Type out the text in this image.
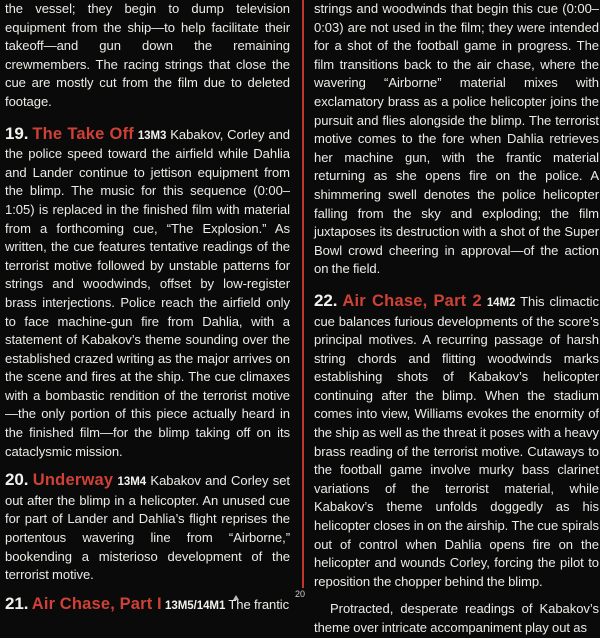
the vessel; they begin to dump television equipment from the ship—to help facilitate their takeoff—and gun down the remaining crewmembers. The racing strings that close the cue are mostly cut from the film due to deleted footage.

19. The Take Off 13M3 Kabakov, Corley and the police speed toward the airfield while Dahlia and Lander continue to jettison equipment from the blimp. The music for this sequence (0:00–1:05) is replaced in the finished film with material from a forthcoming cue, “The Explosion.” As written, the cue features tentative readings of the terrorist motive followed by unstable patterns for strings and woodwinds, offset by low-register brass interjections. Police reach the airfield only to face machine-gun fire from Dahlia, with a statement of Kabakov’s theme sounding over the established crazed writing as the major arrives on the scene and fires at the ship. The cue climaxes with a bombastic rendition of the terrorist motive—the only portion of this piece actually heard in the finished film—for the blimp taking off on its cataclysmic mission.

20. Underway 13M4 Kabakov and Corley set out after the blimp in a helicopter. An unused cue for part of Lander and Dahlia’s flight reprises the portentous wavering line from “Airborne,” bookending a misterioso development of the terrorist motive.

21. Air Chase, Part I 13M5/14M1 The frantic

strings and woodwinds that begin this cue (0:00–0:03) are not used in the film; they were intended for a shot of the football game in progress. The film transitions back to the air chase, where the wavering “Airborne” material mixes with exclamatory brass as a police helicopter joins the pursuit and flies alongside the blimp. The terrorist motive comes to the fore when Dahlia retrieves her machine gun, with the frantic material returning as she opens fire on the police. A shimmering swell denotes the police helicopter falling from the sky and exploding; the film juxtaposes its destruction with a shot of the Super Bowl crowd cheering in approval—of the action on the field.

22. Air Chase, Part 2 14M2 This climactic cue balances furious developments of the score’s principal motives. A recurring passage of harsh string chords and flitting woodwinds marks establishing shots of Kabakov’s helicopter continuing after the blimp. When the stadium comes into view, Williams evokes the enormity of the ship as well as the threat it poses with a heavy brass reading of the terrorist motive. Cutaways to the football game involve murky bass clarinet variations of the terrorist material, while Kabakov’s theme unfolds doggedly as his helicopter closes in on the airship. The cue spirals out of control when Dahlia opens fire on the helicopter and wounds Corley, forcing the pilot to reposition the chopper behind the blimp.

Protracted, desperate readings of Kabakov’s theme over intricate accompaniment play out as

20
